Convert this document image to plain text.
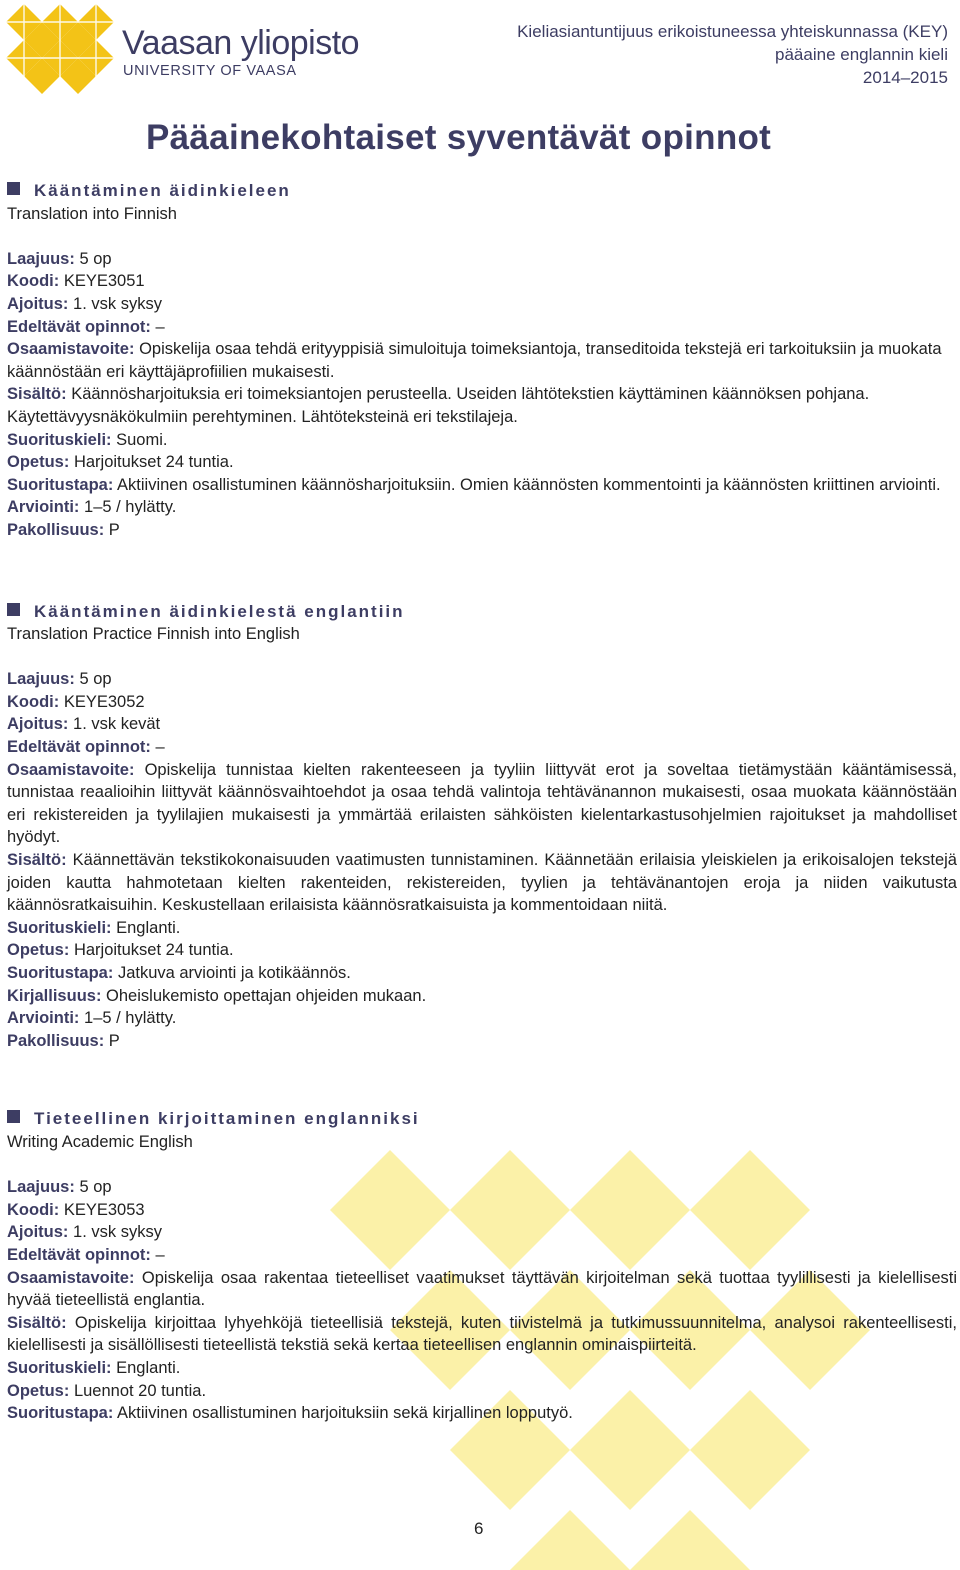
Vaasan yliopisto
UNIVERSITY OF VAASA
Kieliasiantuntijuus erikoistuneessa yhteiskunnassa (KEY)
pääaine englannin kieli
2014–2015
Pääainekohtaiset syventävät opinnot
Kääntäminen äidinkieleen
Translation into Finnish
Laajuus: 5 op
Koodi: KEYE3051
Ajoitus: 1. vsk syksy
Edeltävät opinnot: –
Osaamistavoite: Opiskelija osaa tehdä erityyppisiä simuloituja toimeksiantoja, transeditoida tekstejä eri tarkoituksiin ja muokata käännöstään eri käyttäjäprofiilien mukaisesti.
Sisältö: Käännösharjoituksia eri toimeksiantojen perusteella. Useiden lähtötekstien käyttäminen käännöksen pohjana. Käytettävyysnäkökulmiin perehtyminen. Lähtöteksteinä eri tekstilajeja.
Suorituskieli: Suomi.
Opetus: Harjoitukset 24 tuntia.
Suoritustapa: Aktiivinen osallistuminen käännösharjoituksiin. Omien käännösten kommentointi ja käännösten kriittinen arviointi.
Arviointi: 1–5 / hylätty.
Pakollisuus: P
Kääntäminen äidinkielestä englantiin
Translation Practice Finnish into English
Laajuus: 5 op
Koodi: KEYE3052
Ajoitus: 1. vsk kevät
Edeltävät opinnot: –
Osaamistavoite: Opiskelija tunnistaa kielten rakenteeseen ja tyyliin liittyvät erot ja soveltaa tietämystään kääntämisessä, tunnistaa reaalioihin liittyvät käännösvaihtoehdot ja osaa tehdä valintoja tehtävänannon mukaisesti, osaa muokata käännöstään eri rekistereiden ja tyylilajien mukaisesti ja ymmärtää erilaisten sähköisten kielentarkastusohjelmien rajoitukset ja mahdolliset hyödyt.
Sisältö: Käännettävän tekstikokonaisuuden vaatimusten tunnistaminen. Käännetään erilaisia yleiskielen ja erikoisalojen tekstejä joiden kautta hahmotetaan kielten rakenteiden, rekistereiden, tyylien ja tehtävänantojen eroja ja niiden vaikutusta käännösratkaisuihin. Keskustellaan erilaisista käännösratkaisuista ja kommentoidaan niitä.
Suorituskieli: Englanti.
Opetus: Harjoitukset 24 tuntia.
Suoritustapa: Jatkuva arviointi ja kotikäännös.
Kirjallisuus: Oheislukemisto opettajan ohjeiden mukaan.
Arviointi: 1–5 / hylätty.
Pakollisuus: P
Tieteellinen kirjoittaminen englanniksi
Writing Academic English
Laajuus: 5 op
Koodi: KEYE3053
Ajoitus: 1. vsk syksy
Edeltävät opinnot: –
Osaamistavoite: Opiskelija osaa rakentaa tieteelliset vaatimukset täyttävän kirjoitelman sekä tuottaa tyylillisesti ja kielellisesti hyvää tieteellistä englantia.
Sisältö: Opiskelija kirjoittaa lyhyehköjä tieteellisiä tekstejä, kuten tiivistelmä ja tutkimussuunnitelma, analysoi rakenteellisesti, kielellisesti ja sisällöllisesti tieteellistä tekstiä sekä kertaa tieteellisen englannin ominaispiirteitä.
Suorituskieli: Englanti.
Opetus: Luennot 20 tuntia.
Suoritustapa: Aktiivinen osallistuminen harjoituksiin sekä kirjallinen lopputyö.
6
